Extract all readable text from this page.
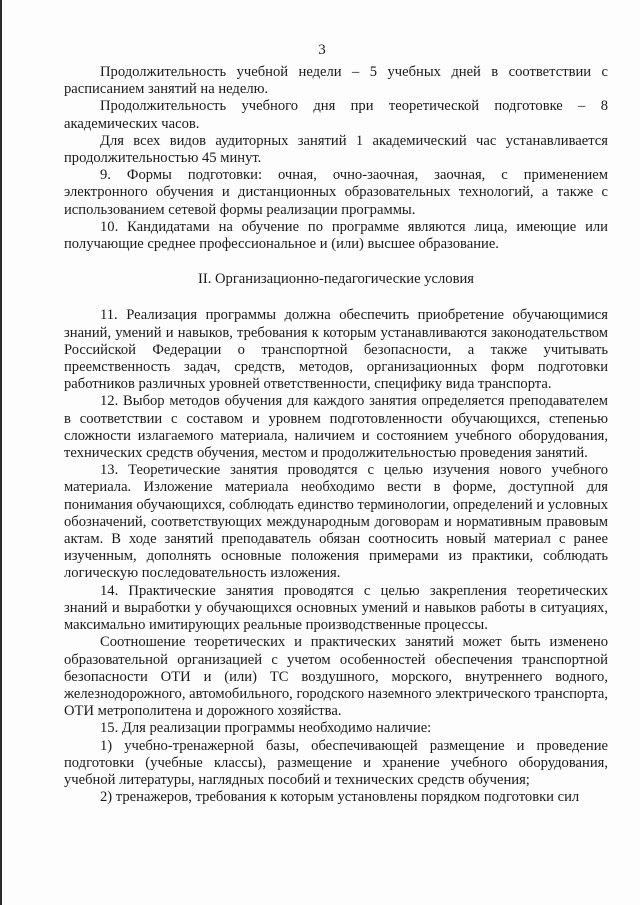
3

Продолжительность учебной недели – 5 учебных дней в соответствии с расписанием занятий на неделю.

Продолжительность учебного дня при теоретической подготовке – 8 академических часов.

Для всех видов аудиторных занятий 1 академический час устанавливается продолжительностью 45 минут.

9. Формы подготовки: очная, очно-заочная, заочная, с применением электронного обучения и дистанционных образовательных технологий, а также с использованием сетевой формы реализации программы.

10. Кандидатами на обучение по программе являются лица, имеющие или получающие среднее профессиональное и (или) высшее образование.

II. Организационно-педагогические условия

11. Реализация программы должна обеспечить приобретение обучающимися знаний, умений и навыков, требования к которым устанавливаются законодательством Российской Федерации о транспортной безопасности, а также учитывать преемственность задач, средств, методов, организационных форм подготовки работников различных уровней ответственности, специфику вида транспорта.

12. Выбор методов обучения для каждого занятия определяется преподавателем в соответствии с составом и уровнем подготовленности обучающихся, степенью сложности излагаемого материала, наличием и состоянием учебного оборудования, технических средств обучения, местом и продолжительностью проведения занятий.

13. Теоретические занятия проводятся с целью изучения нового учебного материала. Изложение материала необходимо вести в форме, доступной для понимания обучающихся, соблюдать единство терминологии, определений и условных обозначений, соответствующих международным договорам и нормативным правовым актам. В ходе занятий преподаватель обязан соотносить новый материал с ранее изученным, дополнять основные положения примерами из практики, соблюдать логическую последовательность изложения.

14. Практические занятия проводятся с целью закрепления теоретических знаний и выработки у обучающихся основных умений и навыков работы в ситуациях, максимально имитирующих реальные производственные процессы.

Соотношение теоретических и практических занятий может быть изменено образовательной организацией с учетом особенностей обеспечения транспортной безопасности ОТИ и (или) ТС воздушного, морского, внутреннего водного, железнодорожного, автомобильного, городского наземного электрического транспорта, ОТИ метрополитена и дорожного хозяйства.

15. Для реализации программы необходимо наличие:

1) учебно-тренажерной базы, обеспечивающей размещение и проведение подготовки (учебные классы), размещение и хранение учебного оборудования, учебной литературы, наглядных пособий и технических средств обучения;

2) тренажеров, требования к которым установлены порядком подготовки сил
